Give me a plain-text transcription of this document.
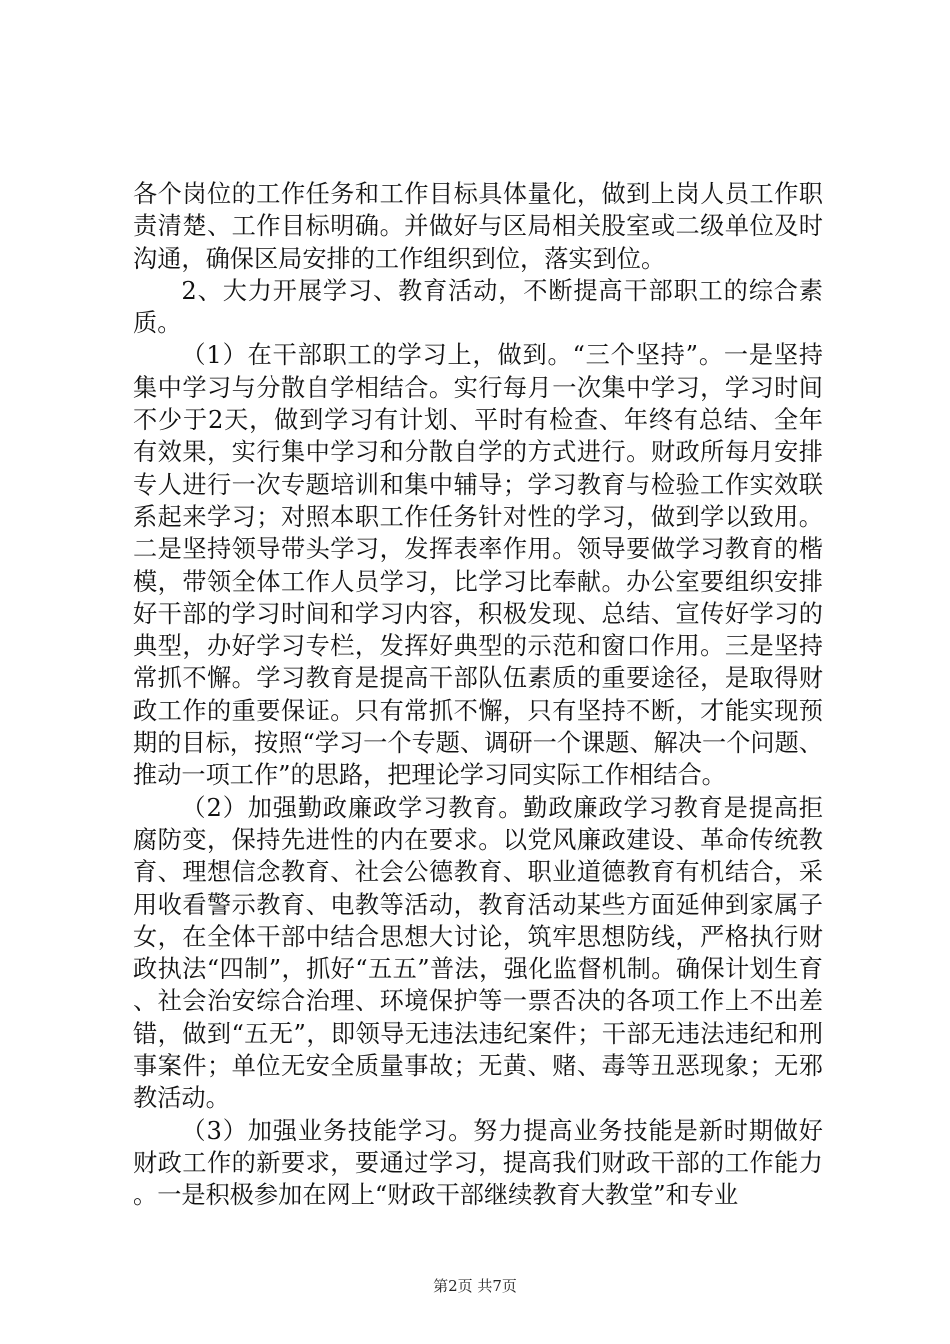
各个岗位的工作任务和工作目标具体量化，做到上岗人员工作职责清楚、工作目标明确。并做好与区局相关股室或二级单位及时沟通，确保区局安排的工作组织到位，落实到位。

2、大力开展学习、教育活动，不断提高干部职工的综合素质。

（1）在干部职工的学习上，做到。“三个坚持”。一是坚持集中学习与分散自学相结合。实行每月一次集中学习，学习时间不少于2天，做到学习有计划、平时有检查、年终有总结、全年有效果，实行集中学习和分散自学的方式进行。财政所每月安排专人进行一次专题培训和集中辅导；学习教育与检验工作实效联系起来学习；对照本职工作任务针对性的学习，做到学以致用。二是坚持领导带头学习，发挥表率作用。领导要做学习教育的楷模，带领全体工作人员学习，比学习比奉献。办公室要组织安排好干部的学习时间和学习内容，积极发现、总结、宣传好学习的典型，办好学习专栏，发挥好典型的示范和窗口作用。三是坚持常抓不懈。学习教育是提高干部队伍素质的重要途径，是取得财政工作的重要保证。只有常抓不懈，只有坚持不断，才能实现预期的目标，按照“学习一个专题、调研一个课题、解决一个问题、推动一项工作”的思路，把理论学习同实际工作相结合。

（2）加强勤政廉政学习教育。勤政廉政学习教育是提高拒腐防变，保持先进性的内在要求。以党风廉政建设、革命传统教育、理想信念教育、社会公德教育、职业道德教育有机结合，采用收看警示教育、电教等活动，教育活动某些方面延伸到家属子女，在全体干部中结合思想大讨论，筑牢思想防线，严格执行财政执法“四制”，抓好“五五”普法，强化监督机制。确保计划生育、社会治安综合治理、环境保护等一票否决的各项工作上不出差错，做到“五无”，即领导无违法违纪案件；干部无违法违纪和刑事案件；单位无安全质量事故；无黄、赌、毒等丑恶现象；无邪教活动。

（3）加强业务技能学习。努力提高业务技能是新时期做好财政工作的新要求，要通过学习，提高我们财政干部的工作能力。一是积极参加在网上“财政干部继续教育大教堂”和专业

第2页 共7页
